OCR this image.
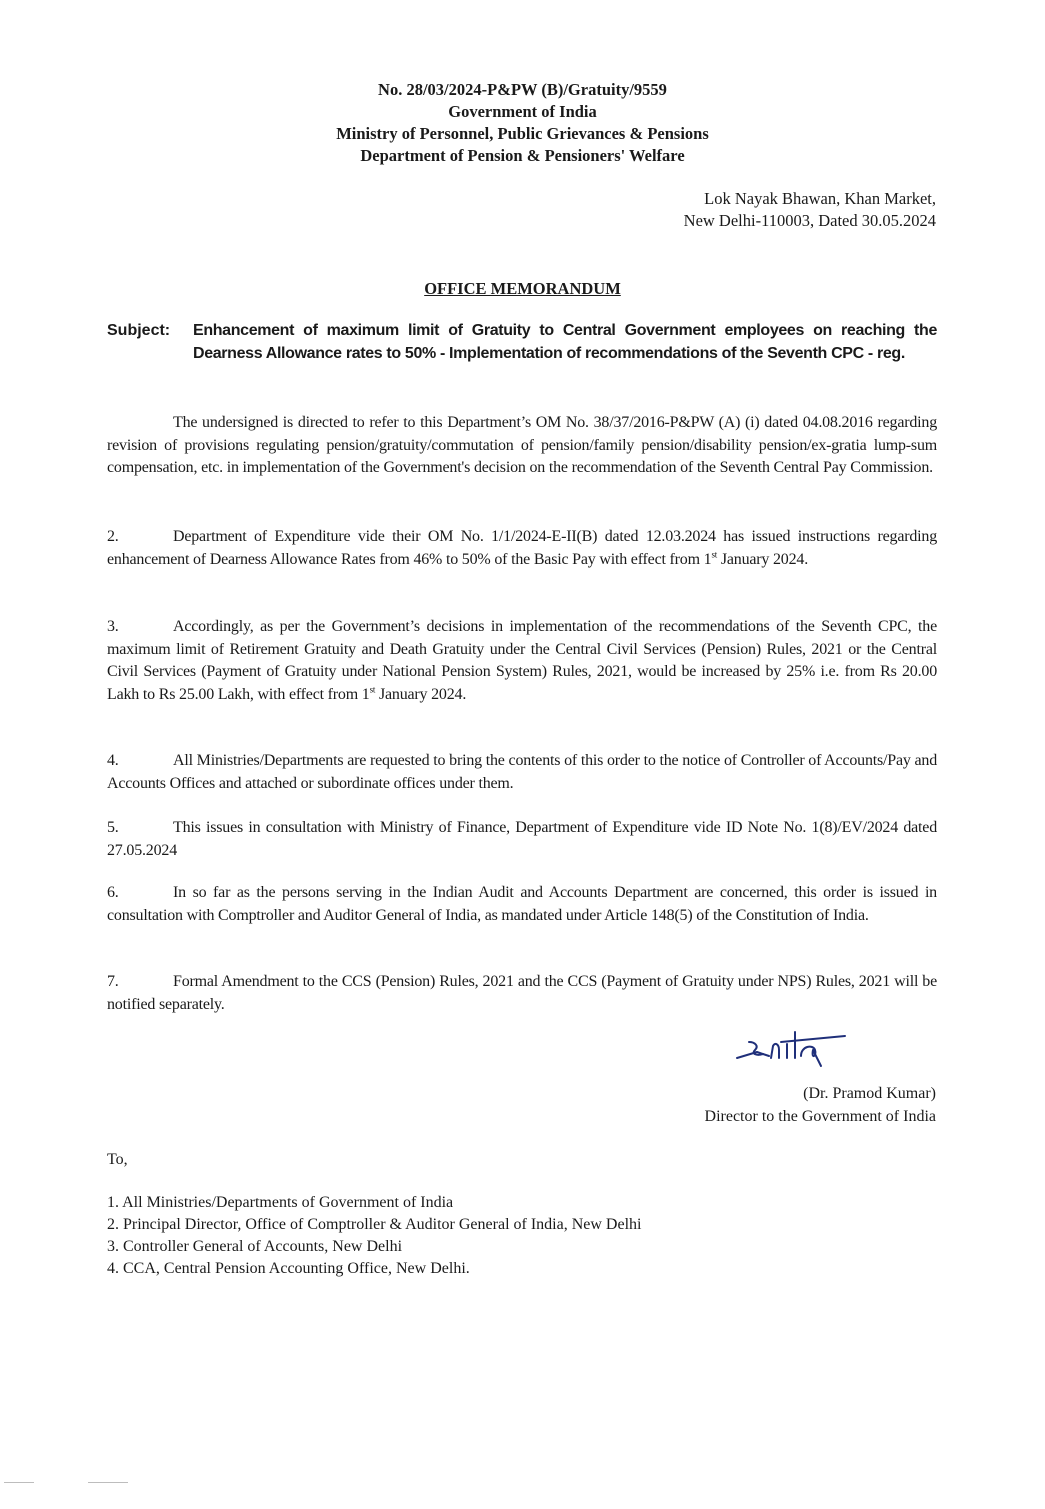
No. 28/03/2024-P&PW (B)/Gratuity/9559
Government of India
Ministry of Personnel, Public Grievances & Pensions
Department of Pension & Pensioners' Welfare
Lok Nayak Bhawan, Khan Market,
New Delhi-110003, Dated 30.05.2024
OFFICE MEMORANDUM
Subject: Enhancement of maximum limit of Gratuity to Central Government employees on reaching the Dearness Allowance rates to 50% - Implementation of recommendations of the Seventh CPC - reg.
The undersigned is directed to refer to this Department’s OM No. 38/37/2016-P&PW (A) (i) dated 04.08.2016 regarding revision of provisions regulating pension/gratuity/commutation of pension/family pension/disability pension/ex-gratia lump-sum compensation, etc. in implementation of the Government's decision on the recommendation of the Seventh Central Pay Commission.
2.	Department of Expenditure vide their OM No. 1/1/2024-E-II(B) dated 12.03.2024 has issued instructions regarding enhancement of Dearness Allowance Rates from 46% to 50% of the Basic Pay with effect from 1st January 2024.
3.	Accordingly, as per the Government’s decisions in implementation of the recommendations of the Seventh CPC, the maximum limit of Retirement Gratuity and Death Gratuity under the Central Civil Services (Pension) Rules, 2021 or the Central Civil Services (Payment of Gratuity under National Pension System) Rules, 2021, would be increased by 25% i.e. from Rs 20.00 Lakh to Rs 25.00 Lakh, with effect from 1st January 2024.
4.	All Ministries/Departments are requested to bring the contents of this order to the notice of Controller of Accounts/Pay and Accounts Offices and attached or subordinate offices under them.
5.	This issues in consultation with Ministry of Finance, Department of Expenditure vide ID Note No. 1(8)/EV/2024 dated 27.05.2024
6.	In so far as the persons serving in the Indian Audit and Accounts Department are concerned, this order is issued in consultation with Comptroller and Auditor General of India, as mandated under Article 148(5) of the Constitution of India.
7.	Formal Amendment to the CCS (Pension) Rules, 2021 and the CCS (Payment of Gratuity under NPS) Rules, 2021 will be notified separately.
(Dr. Pramod Kumar)
Director to the Government of India
To,
1. All Ministries/Departments of Government of India
2. Principal Director, Office of Comptroller & Auditor General of India, New Delhi
3. Controller General of Accounts, New Delhi
4. CCA, Central Pension Accounting Office, New Delhi.
